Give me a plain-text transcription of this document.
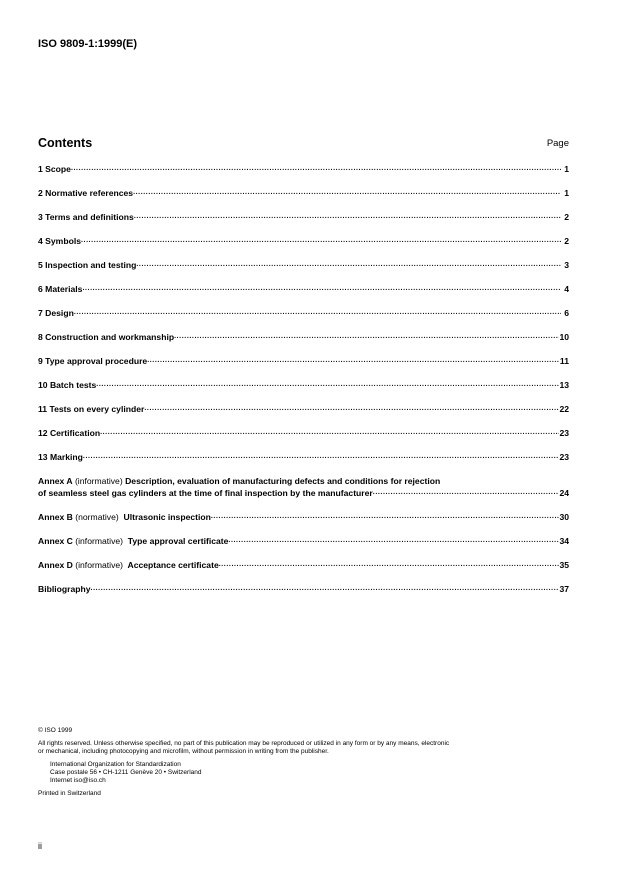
ISO 9809-1:1999(E)
Contents	Page
1 Scope .....	1
2 Normative references .....	1
3 Terms and definitions .....	2
4 Symbols .....	2
5 Inspection and testing .....	3
6 Materials .....	4
7 Design .....	6
8 Construction and workmanship .....	10
9 Type approval procedure .....	11
10 Batch tests .....	13
11 Tests on every cylinder .....	22
12 Certification .....	23
13 Marking .....	23
Annex A (informative) Description, evaluation of manufacturing defects and conditions for rejection
of seamless steel gas cylinders at the time of final inspection by the manufacturer .....	24
Annex B (normative) Ultrasonic inspection .....	30
Annex C (informative) Type approval certificate .....	34
Annex D (informative) Acceptance certificate .....	35
Bibliography .....	37
© ISO 1999
All rights reserved. Unless otherwise specified, no part of this publication may be reproduced or utilized in any form or by any means, electronic
or mechanical, including photocopying and microfilm, without permission in writing from the publisher.
International Organization for Standardization
Case postale 56 • CH-1211 Genève 20 • Switzerland
Internet iso@iso.ch
Printed in Switzerland
ii
